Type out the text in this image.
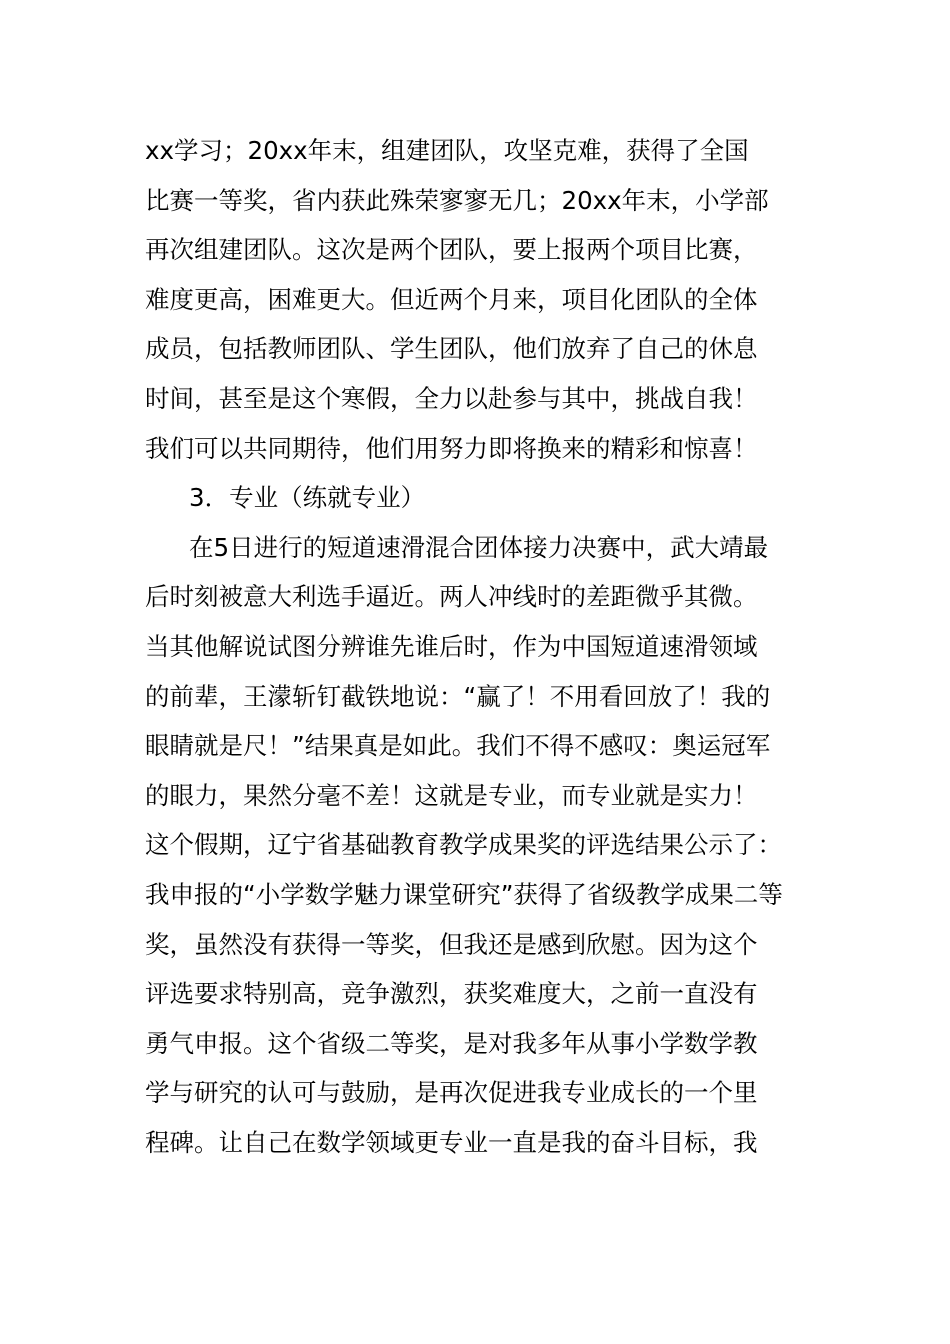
xx学习；20xx年末，组建团队，攻坚克难，获得了全国
比赛一等奖，省内获此殊荣寥寥无几；20xx年末，小学部
再次组建团队。这次是两个团队，要上报两个项目比赛，
难度更高，困难更大。但近两个月来，项目化团队的全体
成员，包括教师团队、学生团队，他们放弃了自己的休息
时间，甚至是这个寒假，全力以赴参与其中，挑战自我！
我们可以共同期待，他们用努力即将换来的精彩和惊喜！
3．专业（练就专业）
在5日进行的短道速滑混合团体接力决赛中，武大靖最
后时刻被意大利选手逼近。两人冲线时的差距微乎其微。
当其他解说试图分辨谁先谁后时，作为中国短道速滑领域
的前辈，王濛斩钉截铁地说：“赢了！不用看回放了！我的
眼睛就是尺！”结果真是如此。我们不得不感叹：奥运冠军
的眼力，果然分毫不差！这就是专业，而专业就是实力！
这个假期，辽宁省基础教育教学成果奖的评选结果公示了：
我申报的“小学数学魅力课堂研究”获得了省级教学成果二等
奖，虽然没有获得一等奖，但我还是感到欣慰。因为这个
评选要求特别高，竞争激烈，获奖难度大，之前一直没有
勇气申报。这个省级二等奖，是对我多年从事小学数学教
学与研究的认可与鼓励，是再次促进我专业成长的一个里
程碑。让自己在数学领域更专业一直是我的奋斗目标，我
